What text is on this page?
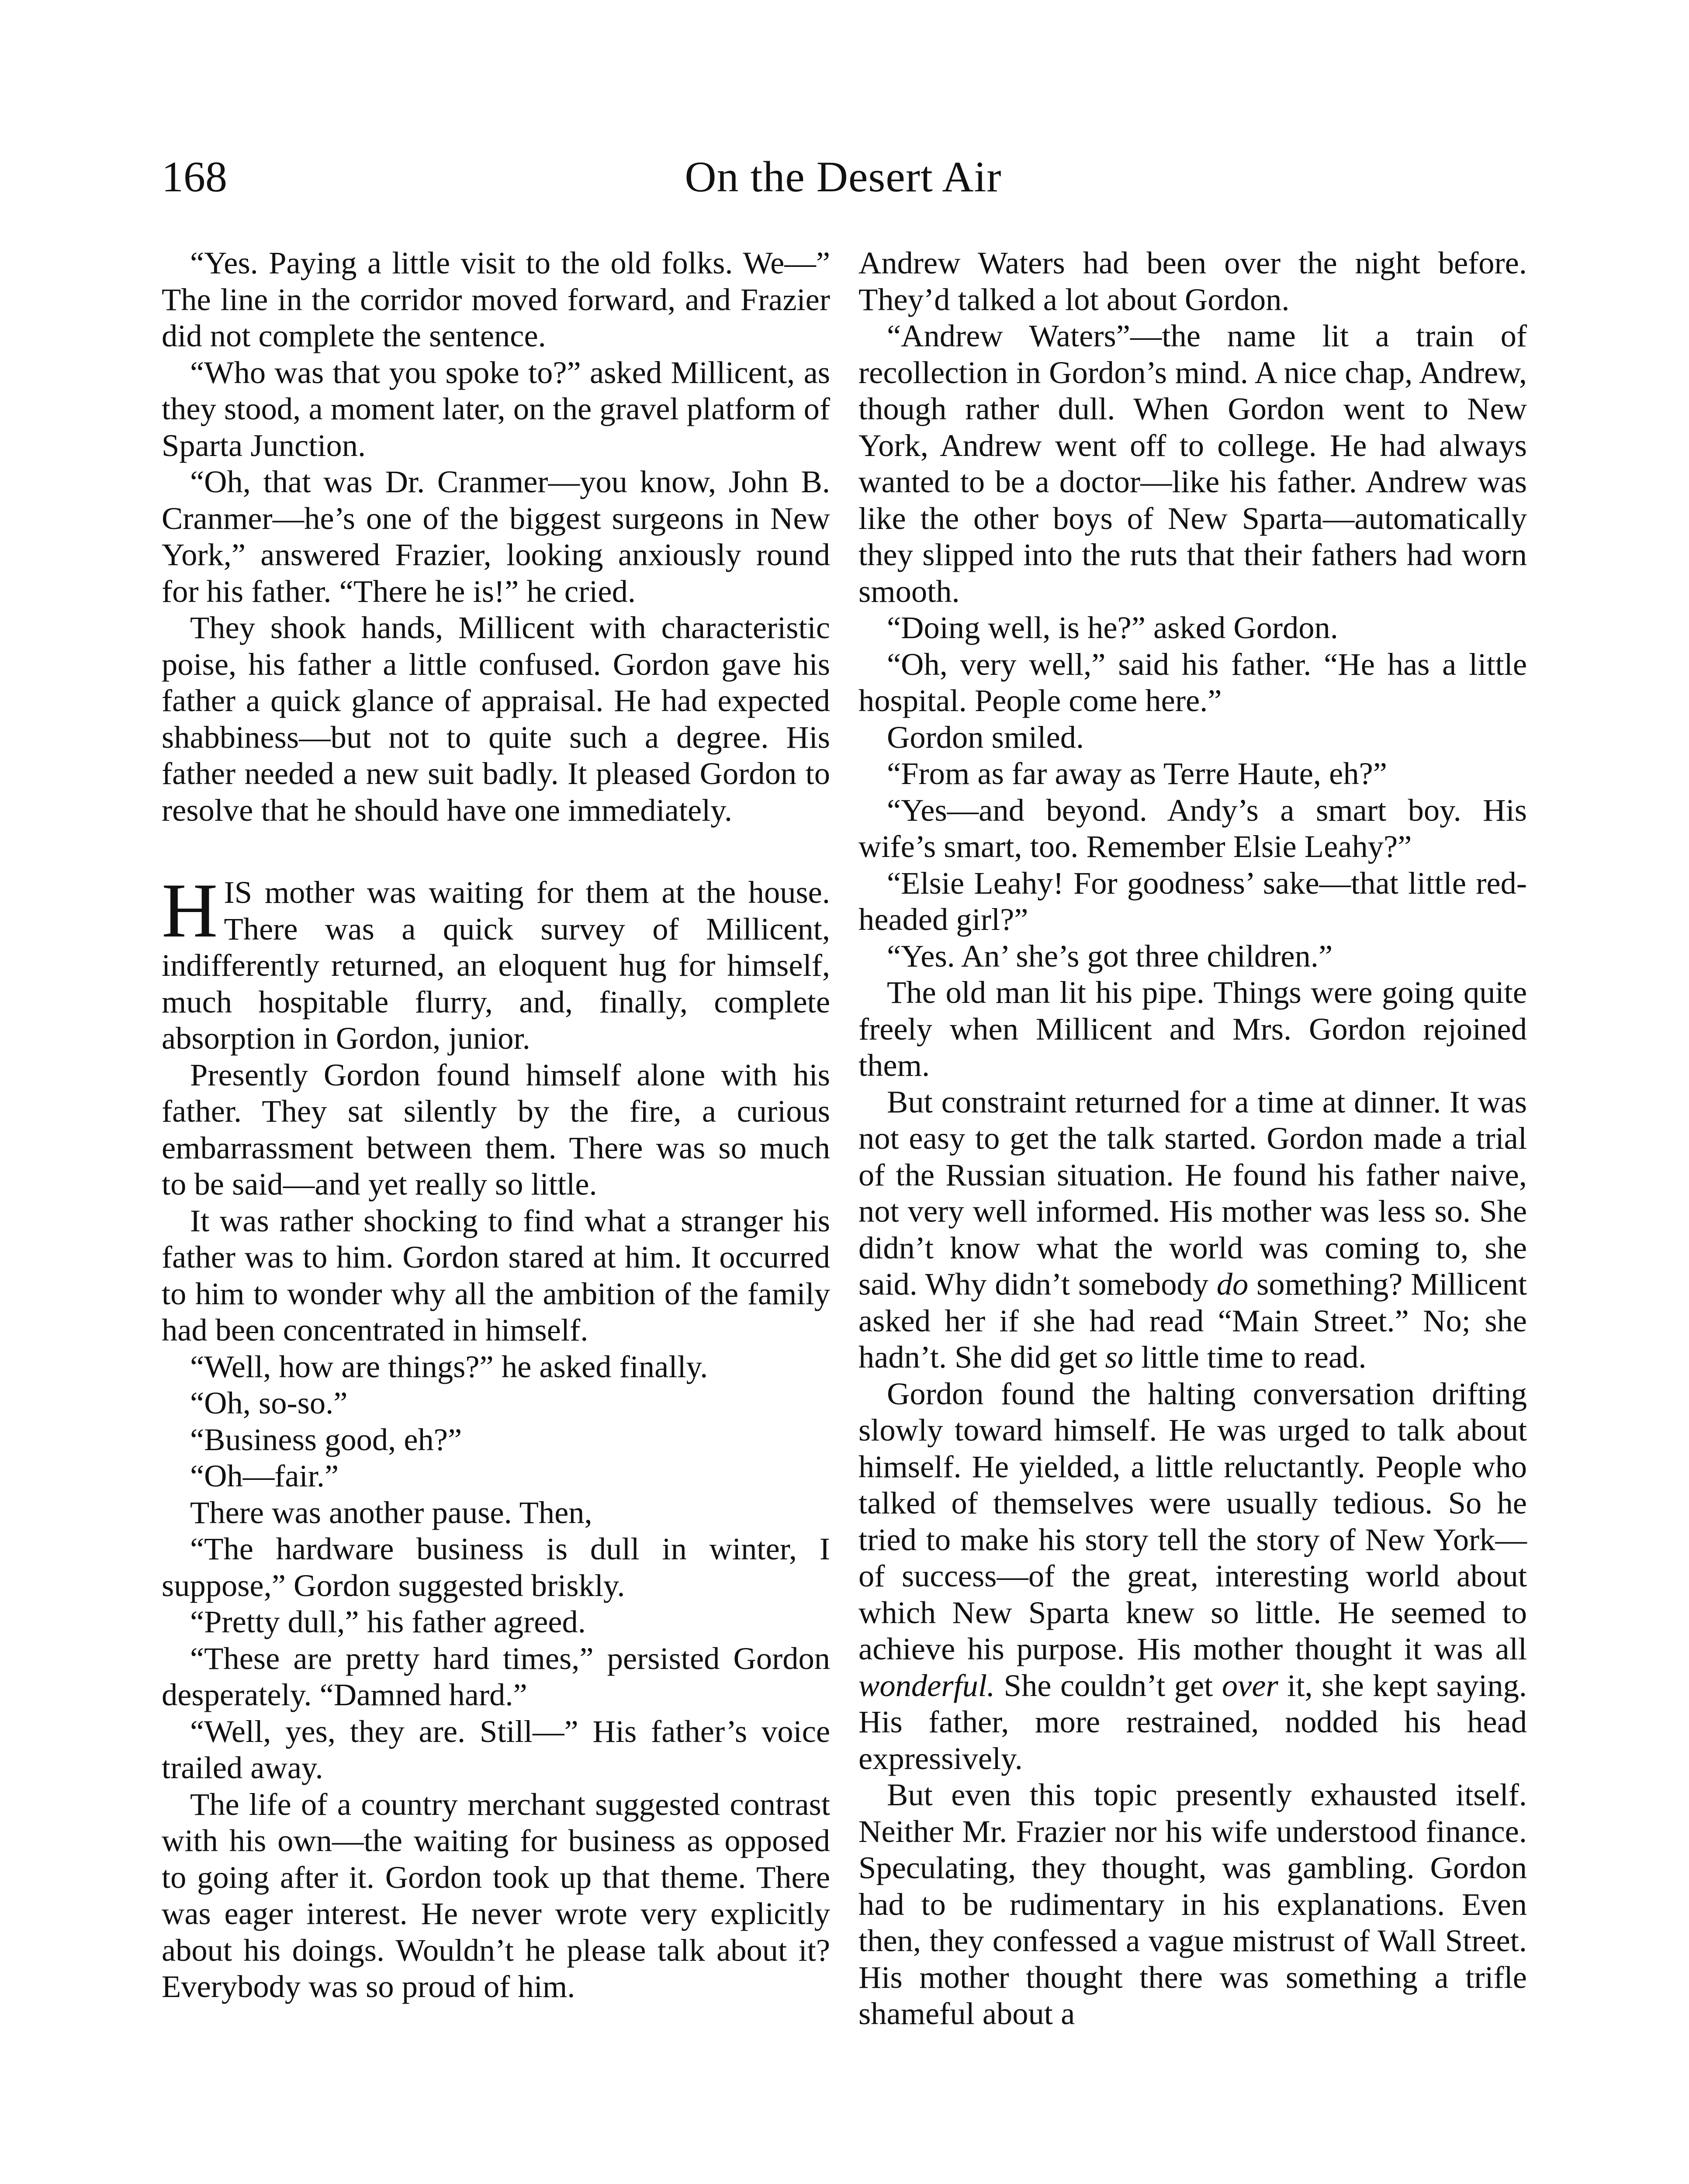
168	On the Desert Air

“Yes. Paying a little visit to the old folks. We—” The line in the corridor moved forward, and Frazier did not complete the sentence.

“Who was that you spoke to?” asked Millicent, as they stood, a moment later, on the gravel platform of Sparta Junction.

“Oh, that was Dr. Cranmer—you know, John B. Cranmer—he’s one of the biggest surgeons in New York,” answered Frazier, looking anxiously round for his father. “There he is!” he cried.

They shook hands, Millicent with characteristic poise, his father a little confused. Gordon gave his father a quick glance of appraisal. He had expected shabbiness—but not to quite such a degree. His father needed a new suit badly. It pleased Gordon to resolve that he should have one immediately.

HIS mother was waiting for them at the house. There was a quick survey of Millicent, indifferently returned, an eloquent hug for himself, much hospitable flurry, and, finally, complete absorption in Gordon, junior.

Presently Gordon found himself alone with his father. They sat silently by the fire, a curious embarrassment between them. There was so much to be said—and yet really so little.

It was rather shocking to find what a stranger his father was to him. Gordon stared at him. It occurred to him to wonder why all the ambition of the family had been concentrated in himself.

“Well, how are things?” he asked finally.

“Oh, so-so.”

“Business good, eh?”

“Oh—fair.”

There was another pause. Then,

“The hardware business is dull in winter, I suppose,” Gordon suggested briskly.

“Pretty dull,” his father agreed.

“These are pretty hard times,” persisted Gordon desperately. “Damned hard.”

“Well, yes, they are. Still—” His father’s voice trailed away.

The life of a country merchant suggested contrast with his own—the waiting for business as opposed to going after it. Gordon took up that theme. There was eager interest. He never wrote very explicitly about his doings. Wouldn’t he please talk about it? Everybody was so proud of him.

Andrew Waters had been over the night before. They’d talked a lot about Gordon.

“Andrew Waters”—the name lit a train of recollection in Gordon’s mind. A nice chap, Andrew, though rather dull. When Gordon went to New York, Andrew went off to college. He had always wanted to be a doctor—like his father. Andrew was like the other boys of New Sparta—automatically they slipped into the ruts that their fathers had worn smooth.

“Doing well, is he?” asked Gordon.

“Oh, very well,” said his father. “He has a little hospital. People come here.”

Gordon smiled.

“From as far away as Terre Haute, eh?”

“Yes—and beyond. Andy’s a smart boy. His wife’s smart, too. Remember Elsie Leahy?”

“Elsie Leahy! For goodness’ sake—that little red-headed girl?”

“Yes. An’ she’s got three children.”

The old man lit his pipe. Things were going quite freely when Millicent and Mrs. Gordon rejoined them.

But constraint returned for a time at dinner. It was not easy to get the talk started. Gordon made a trial of the Russian situation. He found his father naive, not very well informed. His mother was less so. She didn’t know what the world was coming to, she said. Why didn’t somebody do something? Millicent asked her if she had read “Main Street.” No; she hadn’t. She did get so little time to read.

Gordon found the halting conversation drifting slowly toward himself. He was urged to talk about himself. He yielded, a little reluctantly. People who talked of themselves were usually tedious. So he tried to make his story tell the story of New York—of success—of the great, interesting world about which New Sparta knew so little. He seemed to achieve his purpose. His mother thought it was all wonderful. She couldn’t get over it, she kept saying. His father, more restrained, nodded his head expressively.

But even this topic presently exhausted itself. Neither Mr. Frazier nor his wife understood finance. Speculating, they thought, was gambling. Gordon had to be rudimentary in his explanations. Even then, they confessed a vague mistrust of Wall Street. His mother thought there was something a trifle shameful about a
